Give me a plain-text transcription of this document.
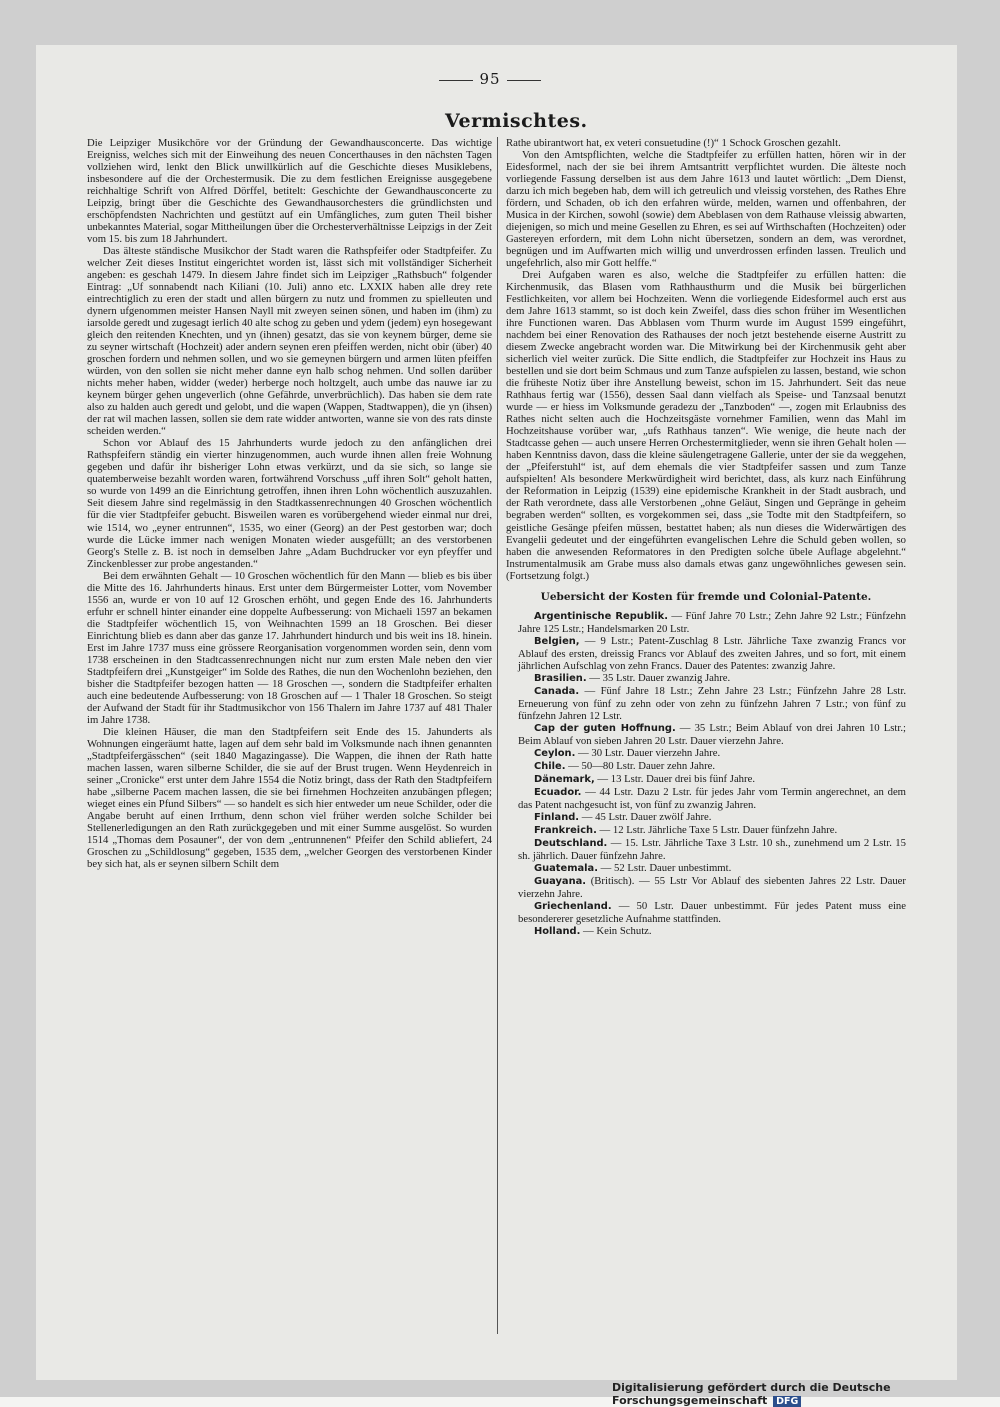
95
Vermischtes.

Die Leipziger Musikchöre vor der Gründung der Gewandhausconcerte. Das wichtige Ereigniss, welches sich mit der Einweihung des neuen Concerthauses in den nächsten Tagen vollziehen wird, lenkt den Blick unwillkürlich auf die Geschichte dieses Musiklebens, insbesondere auf die der Orchestermusik. Die zu dem festlichen Ereignisse ausgegebene reichhaltige Schrift von Alfred Dörffel, betitelt: Geschichte der Gewandhausconcerte zu Leipzig, bringt über die Geschichte des Gewandhausorchesters die gründlichsten und erschöpfendsten Nachrichten und gestützt auf ein Umfängliches, zum guten Theil bisher unbekanntes Material, sogar Mittheilungen über die Orchesterverhältnisse Leipzigs in der Zeit vom 15. bis zum 18 Jahrhundert.

Das älteste ständische Musikchor der Stadt waren die Rathspfeifer oder Stadtpfeifer. Zu welcher Zeit dieses Institut eingerichtet worden ist, lässt sich mit vollständiger Sicherheit angeben: es geschah 1479. In diesem Jahre findet sich im Leipziger „Rathsbuch“ folgender Eintrag: „Uf sonnabendt nach Kiliani (10. Juli) anno etc. LXXIX haben alle drey rete eintrechtiglich zu eren der stadt und allen bürgern zu nutz und frommen zu spielleuten und dynern ufgenommen meister Hansen Nayll mit zweyen seinen sönen, und haben im (ihm) zu iarsolde geredt und zugesagt ierlich 40 alte schog zu geben und ydem (jedem) eyn hosegewant gleich den reitenden Knechten, und yn (ihnen) gesatzt, das sie von keynem bürger, deme sie zu seyner wirtschaft (Hochzeit) ader andern seynen eren pfeiffen werden, nicht obir (über) 40 groschen fordern und nehmen sollen, und wo sie gemeynen bürgern und armen lüten pfeiffen würden, von den sollen sie nicht meher danne eyn halb schog nehmen. Und sollen darüber nichts meher haben, widder (weder) herberge noch holtzgelt, auch umbe das nauwe iar zu keynem bürger gehen ungeverlich (ohne Gefährde, unverbrüchlich). Das haben sie dem rate also zu halden auch geredt und gelobt, und die wapen (Wappen, Stadtwappen), die yn (ihsen) der rat wil machen lassen, sollen sie dem rate widder antworten, wanne sie von des rats dinste scheiden werden.“

Schon vor Ablauf des 15 Jahrhunderts wurde jedoch zu den anfänglichen drei Rathspfeifern ständig ein vierter hinzugenommen, auch wurde ihnen allen freie Wohnung gegeben und dafür ihr bisheriger Lohn etwas verkürzt, und da sie sich, so lange sie quatemberweise bezahlt worden waren, fortwährend Vorschuss „uff ihren Solt“ geholt hatten, so wurde von 1499 an die Einrichtung getroffen, ihnen ihren Lohn wöchentlich auszuzahlen. Seit diesem Jahre sind regelmässig in den Stadtkassenrechnungen 40 Groschen wöchentlich für die vier Stadtpfeifer gebucht. Bisweilen waren es vorübergehend wieder einmal nur drei, wie 1514, wo „eyner entrunnen“, 1535, wo einer (Georg) an der Pest gestorben war; doch wurde die Lücke immer nach wenigen Monaten wieder ausgefüllt; an des verstorbenen Georg's Stelle z. B. ist noch in demselben Jahre „Adam Buchdrucker vor eyn pfeyffer und Zinckenblesser zur probe angestanden.“

Bei dem erwähnten Gehalt — 10 Groschen wöchentlich für den Mann — blieb es bis über die Mitte des 16. Jahrhunderts hinaus. Erst unter dem Bürgermeister Lotter, vom November 1556 an, wurde er von 10 auf 12 Groschen erhöht, und gegen Ende des 16. Jahrhunderts erfuhr er schnell hinter einander eine doppelte Aufbesserung: von Michaeli 1597 an bekamen die Stadtpfeifer wöchentlich 15, von Weihnachten 1599 an 18 Groschen. Bei dieser Einrichtung blieb es dann aber das ganze 17. Jahrhundert hindurch und bis weit ins 18. hinein. Erst im Jahre 1737 muss eine grössere Reorganisation vorgenommen worden sein, denn vom 1738 erscheinen in den Stadtcassenrechnungen nicht nur zum ersten Male neben den vier Stadtpfeifern drei „Kunstgeiger“ im Solde des Rathes, die nun den Wochenlohn beziehen, den bisher die Stadtpfeifer bezogen hatten — 18 Groschen —, sondern die Stadtpfeifer erhalten auch eine bedeutende Aufbesserung: von 18 Groschen auf — 1 Thaler 18 Groschen. So steigt der Aufwand der Stadt für ihr Stadtmusikchor von 156 Thalern im Jahre 1737 auf 481 Thaler im Jahre 1738.

Die kleinen Häuser, die man den Stadtpfeifern seit Ende des 15. Jahunderts als Wohnungen eingeräumt hatte, lagen auf dem sehr bald im Volksmunde nach ihnen genannten „Stadtpfeifergässchen“ (seit 1840 Magazingasse). Die Wappen, die ihnen der Rath hatte machen lassen, waren silberne Schilder, die sie auf der Brust trugen. Wenn Heydenreich in seiner „Cronicke“ erst unter dem Jahre 1554 die Notiz bringt, dass der Rath den Stadtpfeifern habe „silberne Pacem machen lassen, die sie bei firnehmen Hochzeiten anzubängen pflegen; wieget eines ein Pfund Silbers“ — so handelt es sich hier entweder um neue Schilder, oder die Angabe beruht auf einen Irrthum, denn schon viel früher werden solche Schilder bei Stellenerledigungen an den Rath zurückgegeben und mit einer Summe ausgelöst. So wurden 1514 „Thomas dem Posauner“, der von dem „entrunnenen“ Pfeifer den Schild abliefert, 24 Groschen zu „Schildlosung“ gegeben, 1535 dem, „welcher Georgen des verstorbenen Kinder bey sich hat, als er seynen silbern Schilt dem

Rathe ubirantwort hat, ex veteri consuetudine (!)“ 1 Schock Groschen gezahlt.

Von den Amtspflichten, welche die Stadtpfeifer zu erfüllen hatten, hören wir in der Eidesformel, nach der sie bei ihrem Amtsantritt verpflichtet wurden. Die älteste noch vorliegende Fassung derselben ist aus dem Jahre 1613 und lautet wörtlich: „Dem Dienst, darzu ich mich begeben hab, dem will ich getreulich und vleissig vorstehen, des Rathes Ehre fördern, und Schaden, ob ich den erfahren würde, melden, warnen und offenbahren, der Musica in der Kirchen, sowohl (sowie) dem Abeblasen von dem Rathause vleissig abwarten, diejenigen, so mich und meine Gesellen zu Ehren, es sei auf Wirthschaften (Hochzeiten) oder Gastereyen erfordern, mit dem Lohn nicht übersetzen, sondern an dem, was verordnet, begnügen und im Auffwarten mich willig und unverdrossen erfinden lassen. Treulich und ungefehrlich, also mir Gott helffe.“

Drei Aufgaben waren es also, welche die Stadtpfeifer zu erfüllen hatten: die Kirchenmusik, das Blasen vom Rathhausthurm und die Musik bei bürgerlichen Festlichkeiten, vor allem bei Hochzeiten. Wenn die vorliegende Eidesformel auch erst aus dem Jahre 1613 stammt, so ist doch kein Zweifel, dass dies schon früher im Wesentlichen ihre Functionen waren. Das Abblasen vom Thurm wurde im August 1599 eingeführt, nachdem bei einer Renovation des Rathauses der noch jetzt bestehende eiserne Austritt zu diesem Zwecke angebracht worden war. Die Mitwirkung bei der Kirchenmusik geht aber sicherlich viel weiter zurück. Die Sitte endlich, die Stadtpfeifer zur Hochzeit ins Haus zu bestellen und sie dort beim Schmaus und zum Tanze aufspielen zu lassen, bestand, wie schon die früheste Notiz über ihre Anstellung beweist, schon im 15. Jahrhundert. Seit das neue Rathhaus fertig war (1556), dessen Saal dann vielfach als Speise- und Tanzsaal benutzt wurde — er hiess im Volksmunde geradezu der „Tanzboden“ —, zogen mit Erlaubniss des Rathes nicht selten auch die Hochzeitsgäste vornehmer Familien, wenn das Mahl im Hochzeitshause vorüber war, „ufs Rathhaus tanzen“. Wie wenige, die heute nach der Stadtcasse gehen — auch unsere Herren Orchestermitglieder, wenn sie ihren Gehalt holen — haben Kenntniss davon, dass die kleine säulengetragene Gallerie, unter der sie da weggehen, der „Pfeiferstuhl“ ist, auf dem ehemals die vier Stadtpfeifer sassen und zum Tanze aufspielten! Als besondere Merkwürdigheit wird berichtet, dass, als kurz nach Einführung der Reformation in Leipzig (1539) eine epidemische Krankheit in der Stadt ausbrach, und der Rath verordnete, dass alle Verstorbenen „ohne Geläut, Singen und Gepränge in geheim begraben werden“ sollten, es vorgekommen sei, dass „sie Todte mit den Stadtpfeifern, so geistliche Gesänge pfeifen müssen, bestattet haben; als nun dieses die Widerwärtigen des Evangelii gedeutet und der eingeführten evangelischen Lehre die Schuld geben wollen, so haben die anwesenden Reformatores in den Predigten solche übele Auflage abgelehnt.“ Instrumentalmusik am Grabe muss also damals etwas ganz ungewöhnliches gewesen sein. (Fortsetzung folgt.)

Uebersicht der Kosten für fremde und Colonial-Patente.

Argentinische Republik. — Fünf Jahre 70 Lstr.; Zehn Jahre 92 Lstr.; Fünfzehn Jahre 125 Lstr.; Handelsmarken 20 Lstr.

Belgien, — 9 Lstr.; Patent-Zuschlag 8 Lstr. Jährliche Taxe zwanzig Francs vor Ablauf des ersten, dreissig Francs vor Ablauf des zweiten Jahres, und so fort, mit einem jährlichen Aufschlag von zehn Francs. Dauer des Patentes: zwanzig Jahre.

Brasilien. — 35 Lstr. Dauer zwanzig Jahre.

Canada. — Fünf Jahre 18 Lstr.; Zehn Jahre 23 Lstr.; Fünfzehn Jahre 28 Lstr. Erneuerung von fünf zu zehn oder von zehn zu fünfzehn Jahren 7 Lstr.; von fünf zu fünfzehn Jahren 12 Lstr.

Cap der guten Hoffnung. — 35 Lstr.; Beim Ablauf von drei Jahren 10 Lstr.; Beim Ablauf von sieben Jahren 20 Lstr. Dauer vierzehn Jahre.

Ceylon. — 30 Lstr. Dauer vierzehn Jahre.

Chile. — 50—80 Lstr. Dauer zehn Jahre.

Dänemark, — 13 Lstr. Dauer drei bis fünf Jahre.

Ecuador. — 44 Lstr. Dazu 2 Lstr. für jedes Jahr vom Termin angerechnet, an dem das Patent nachgesucht ist, von fünf zu zwanzig Jahren.

Finland. — 45 Lstr. Dauer zwölf Jahre.

Frankreich. — 12 Lstr. Jährliche Taxe 5 Lstr. Dauer fünfzehn Jahre.

Deutschland. — 15. Lstr. Jährliche Taxe 3 Lstr. 10 sh., zunehmend um 2 Lstr. 15 sh. jährlich. Dauer fünfzehn Jahre.

Guatemala. — 52 Lstr. Dauer unbestimmt.

Guayana. (Britisch). — 55 Lstr Vor Ablauf des siebenten Jahres 22 Lstr. Dauer vierzehn Jahre.

Griechenland. — 50 Lstr. Dauer unbestimmt. Für jedes Patent muss eine besondererer gesetzliche Aufnahme stattfinden.

Holland. — Kein Schutz.

Digitalisierung gefördert durch die Deutsche Forschungsgemeinschaft DFG
